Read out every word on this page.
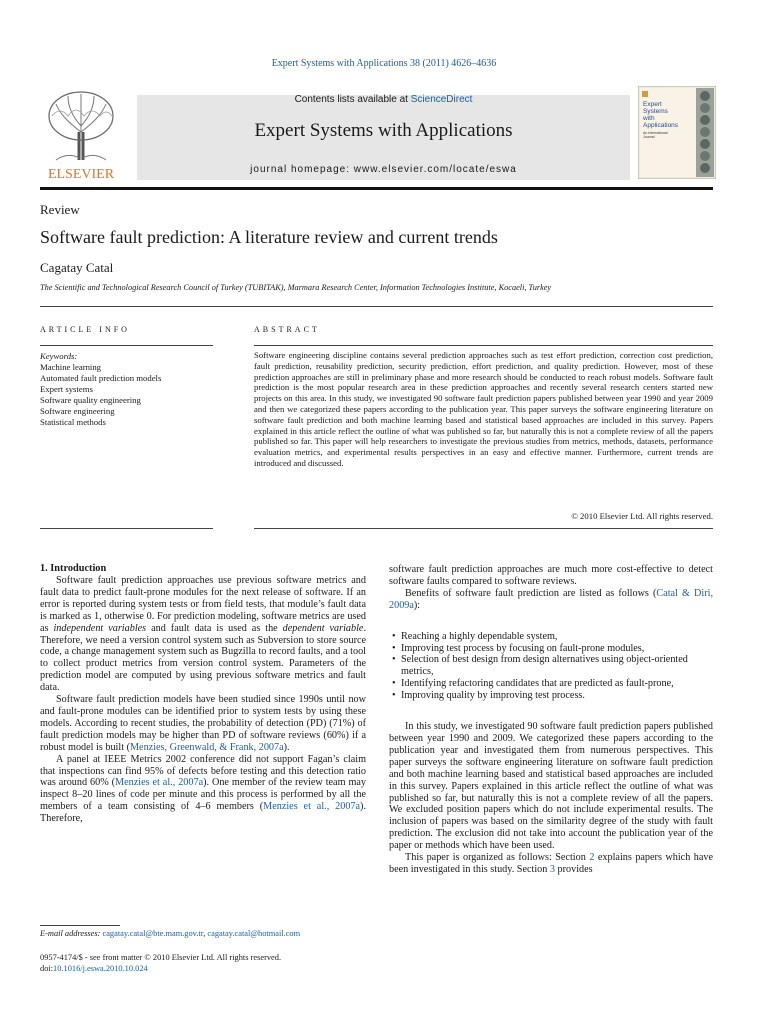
Expert Systems with Applications 38 (2011) 4626–4636
Contents lists available at ScienceDirect
Expert Systems with Applications
journal homepage: www.elsevier.com/locate/eswa
ELSEVIER
Expert Systems with Applications
An International Journal
Review
Software fault prediction: A literature review and current trends
Cagatay Catal
The Scientific and Technological Research Council of Turkey (TUBITAK), Marmara Research Center, Information Technologies Institute, Kocaeli, Turkey
ARTICLE INFO	ABSTRACT
Keywords:
Machine learning
Automated fault prediction models
Expert systems
Software quality engineering
Software engineering
Statistical methods
Software engineering discipline contains several prediction approaches such as test effort prediction, correction cost prediction, fault prediction, reusability prediction, security prediction, effort prediction, and quality prediction. However, most of these prediction approaches are still in preliminary phase and more research should be conducted to reach robust models. Software fault prediction is the most popular research area in these prediction approaches and recently several research centers started new projects on this area. In this study, we investigated 90 software fault prediction papers published between year 1990 and year 2009 and then we categorized these papers according to the publication year. This paper surveys the software engineering literature on software fault prediction and both machine learning based and statistical based approaches are included in this survey. Papers explained in this article reflect the outline of what was published so far, but naturally this is not a complete review of all the papers published so far. This paper will help researchers to investigate the previous studies from metrics, methods, datasets, performance evaluation metrics, and experimental results perspectives in an easy and effective manner. Furthermore, current trends are introduced and discussed.
© 2010 Elsevier Ltd. All rights reserved.
1. Introduction

Software fault prediction approaches use previous software metrics and fault data to predict fault-prone modules for the next release of software. If an error is reported during system tests or from field tests, that module’s fault data is marked as 1, otherwise 0. For prediction modeling, software metrics are used as independent variables and fault data is used as the dependent variable. Therefore, we need a version control system such as Subversion to store source code, a change management system such as Bugzilla to record faults, and a tool to collect product metrics from version control system. Parameters of the prediction model are computed by using previous software metrics and fault data.

Software fault prediction models have been studied since 1990s until now and fault-prone modules can be identified prior to system tests by using these models. According to recent studies, the probability of detection (PD) (71%) of fault prediction models may be higher than PD of software reviews (60%) if a robust model is built (Menzies, Greenwald, & Frank, 2007a).

A panel at IEEE Metrics 2002 conference did not support Fagan’s claim that inspections can find 95% of defects before testing and this detection ratio was around 60% (Menzies et al., 2007a). One member of the review team may inspect 8–20 lines of code per minute and this process is performed by all the members of a team consisting of 4–6 members (Menzies et al., 2007a). Therefore,

software fault prediction approaches are much more cost-effective to detect software faults compared to software reviews.

Benefits of software fault prediction are listed as follows (Catal & Diri, 2009a):

• Reaching a highly dependable system,
• Improving test process by focusing on fault-prone modules,
• Selection of best design from design alternatives using object-oriented metrics,
• Identifying refactoring candidates that are predicted as fault-prone,
• Improving quality by improving test process.

In this study, we investigated 90 software fault prediction papers published between year 1990 and 2009. We categorized these papers according to the publication year and investigated them from numerous perspectives. This paper surveys the software engineering literature on software fault prediction and both machine learning based and statistical based approaches are included in this survey. Papers explained in this article reflect the outline of what was published so far, but naturally this is not a complete review of all the papers. We excluded position papers which do not include experimental results. The inclusion of papers was based on the similarity degree of the study with fault prediction. The exclusion did not take into account the publication year of the paper or methods which have been used.

This paper is organized as follows: Section 2 explains papers which have been investigated in this study. Section 3 provides

E-mail addresses: cagatay.catal@bte.mam.gov.tr, cagatay.catal@hotmail.com
0957-4174/$ - see front matter © 2010 Elsevier Ltd. All rights reserved.
doi:10.1016/j.eswa.2010.10.024
